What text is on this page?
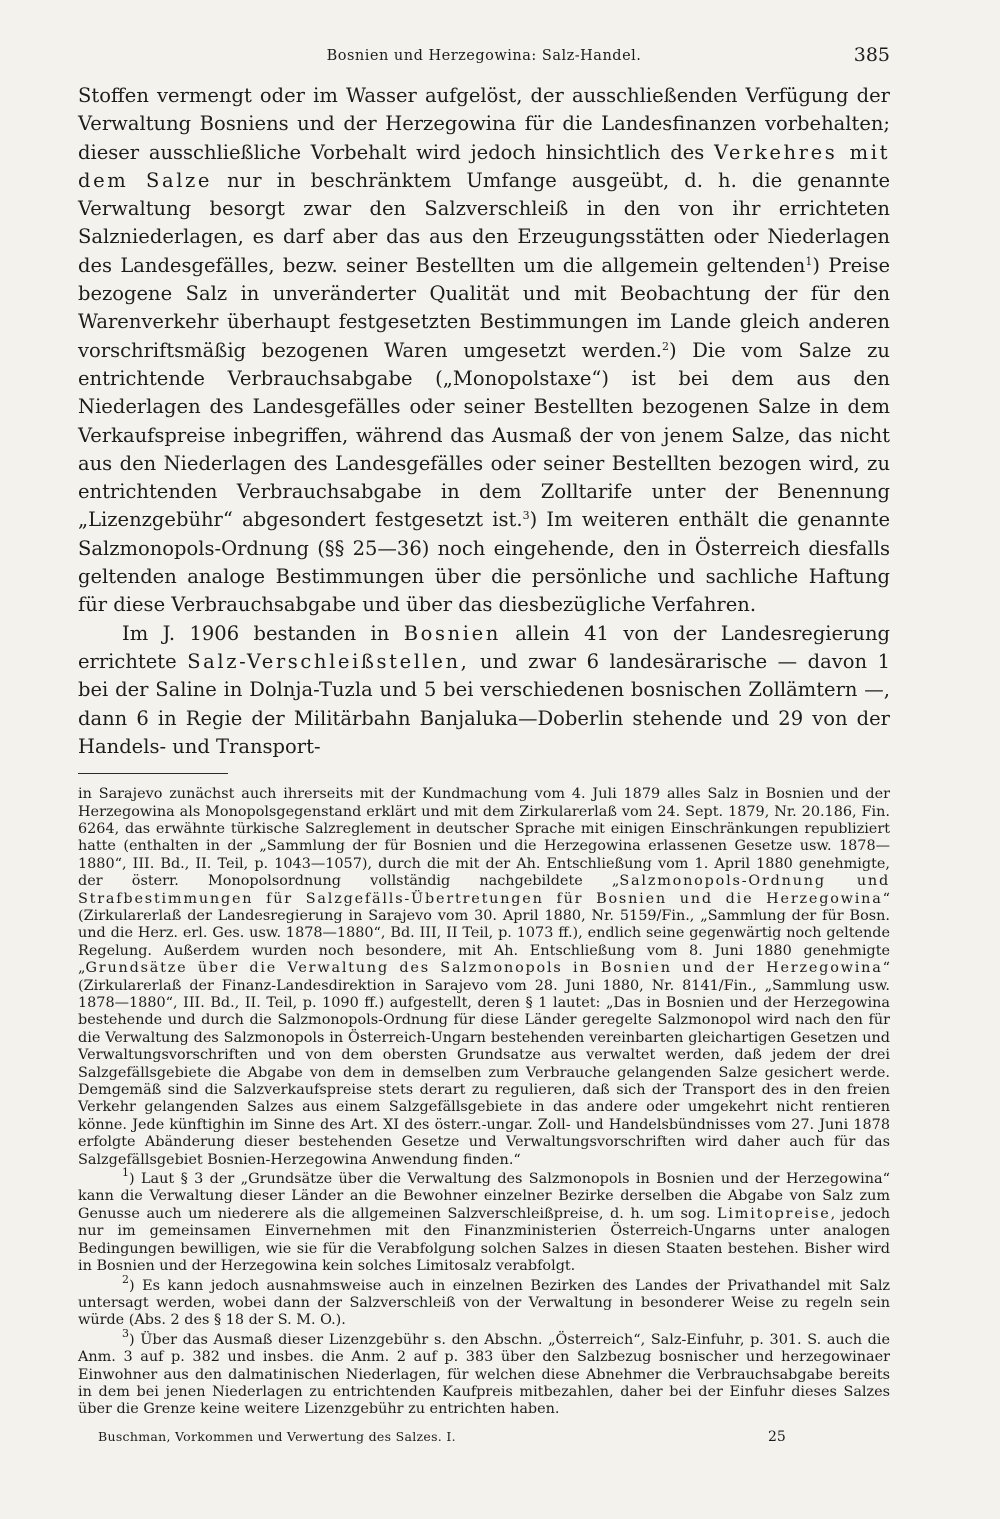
Bosnien und Herzegowina: Salz-Handel.	385

Stoffen vermengt oder im Wasser aufgelöst, der ausschließenden Verfügung der Verwaltung Bosniens und der Herzegowina für die Landesfinanzen vorbehalten; dieser ausschließliche Vorbehalt wird jedoch hinsichtlich des Verkehres mit dem Salze nur in beschränktem Umfange ausgeübt, d. h. die genannte Verwaltung besorgt zwar den Salzverschleiß in den von ihr errichteten Salzniederlagen, es darf aber das aus den Erzeugungsstätten oder Niederlagen des Landesgefälles, bezw. seiner Bestellten um die allgemein geltenden$^1$) Preise bezogene Salz in unveränderter Qualität und mit Beobachtung der für den Warenverkehr überhaupt festgesetzten Bestimmungen im Lande gleich anderen vorschriftsmäßig bezogenen Waren umgesetzt werden.$^2$) Die vom Salze zu entrichtende Verbrauchsabgabe („Monopolstaxe“) ist bei dem aus den Niederlagen des Landesgefälles oder seiner Bestellten bezogenen Salze in dem Verkaufspreise inbegriffen, während das Ausmaß der von jenem Salze, das nicht aus den Niederlagen des Landesgefälles oder seiner Bestellten bezogen wird, zu entrichtenden Verbrauchsabgabe in dem Zolltarife unter der Benennung „Lizenzgebühr“ abgesondert festgesetzt ist.$^3$) Im weiteren enthält die genannte Salzmonopols-Ordnung (§§ 25—36) noch eingehende, den in Österreich diesfalls geltenden analoge Bestimmungen über die persönliche und sachliche Haftung für diese Verbrauchsabgabe und über das diesbezügliche Verfahren.

Im J. 1906 bestanden in Bosnien allein 41 von der Landesregierung errichtete Salz-Verschleißstellen, und zwar 6 landesärarische — davon 1 bei der Saline in Dolnja-Tuzla und 5 bei verschiedenen bosnischen Zollämtern —, dann 6 in Regie der Militärbahn Banjaluka—Doberlin stehende und 29 von der Handels- und Transport-

in Sarajevo zunächst auch ihrerseits mit der Kundmachung vom 4. Juli 1879 alles Salz in Bosnien und der Herzegowina als Monopolsgegenstand erklärt und mit dem Zirkularerlaß vom 24. Sept. 1879, Nr. 20.186, Fin. 6264, das erwähnte türkische Salzreglement in deutscher Sprache mit einigen Einschränkungen republiziert hatte (enthalten in der „Sammlung der für Bosnien und die Herzegowina erlassenen Gesetze usw. 1878—1880“, III. Bd., II. Teil, p. 1043—1057), durch die mit der Ah. Entschließung vom 1. April 1880 genehmigte, der österr. Monopolsordnung vollständig nachgebildete „Salzmonopols-Ordnung und Strafbestimmungen für Salzgefälls-Übertretungen für Bosnien und die Herzegowina“ (Zirkularerlaß der Landesregierung in Sarajevo vom 30. April 1880, Nr. 5159/Fin., „Sammlung der für Bosn. und die Herz. erl. Ges. usw. 1878—1880“, Bd. III, II Teil, p. 1073 ff.), endlich seine gegenwärtig noch geltende Regelung. Außerdem wurden noch besondere, mit Ah. Entschließung vom 8. Juni 1880 genehmigte „Grundsätze über die Verwaltung des Salzmonopols in Bosnien und der Herzegowina“ (Zirkularerlaß der Finanz-Landesdirektion in Sarajevo vom 28. Juni 1880, Nr. 8141/Fin., „Sammlung usw. 1878—1880“, III. Bd., II. Teil, p. 1090 ff.) aufgestellt, deren § 1 lautet: „Das in Bosnien und der Herzegowina bestehende und durch die Salzmonopols-Ordnung für diese Länder geregelte Salzmonopol wird nach den für die Verwaltung des Salzmonopols in Österreich-Ungarn bestehenden vereinbarten gleichartigen Gesetzen und Verwaltungsvorschriften und von dem obersten Grundsatze aus verwaltet werden, daß jedem der drei Salzgefällsgebiete die Abgabe von dem in demselben zum Verbrauche gelangenden Salze gesichert werde. Demgemäß sind die Salzverkaufspreise stets derart zu regulieren, daß sich der Transport des in den freien Verkehr gelangenden Salzes aus einem Salzgefällsgebiete in das andere oder umgekehrt nicht rentieren könne. Jede künftighin im Sinne des Art. XI des österr.-ungar. Zoll- und Handelsbündnisses vom 27. Juni 1878 erfolgte Abänderung dieser bestehenden Gesetze und Verwaltungsvorschriften wird daher auch für das Salzgefällsgebiet Bosnien-Herzegowina Anwendung finden.“

$^1$) Laut § 3 der „Grundsätze über die Verwaltung des Salzmonopols in Bosnien und der Herzegowina“ kann die Verwaltung dieser Länder an die Bewohner einzelner Bezirke derselben die Abgabe von Salz zum Genusse auch um niederere als die allgemeinen Salzverschleißpreise, d. h. um sog. Limitopreise, jedoch nur im gemeinsamen Einvernehmen mit den Finanzministerien Österreich-Ungarns unter analogen Bedingungen bewilligen, wie sie für die Verabfolgung solchen Salzes in diesen Staaten bestehen. Bisher wird in Bosnien und der Herzegowina kein solches Limitosalz verabfolgt.

$^2$) Es kann jedoch ausnahmsweise auch in einzelnen Bezirken des Landes der Privathandel mit Salz untersagt werden, wobei dann der Salzverschleiß von der Verwaltung in besonderer Weise zu regeln sein würde (Abs. 2 des § 18 der S. M. O.).

$^3$) Über das Ausmaß dieser Lizenzgebühr s. den Abschn. „Österreich“, Salz-Einfuhr, p. 301. S. auch die Anm. 3 auf p. 382 und insbes. die Anm. 2 auf p. 383 über den Salzbezug bosnischer und herzegowinaer Einwohner aus den dalmatinischen Niederlagen, für welchen diese Abnehmer die Verbrauchsabgabe bereits in dem bei jenen Niederlagen zu entrichtenden Kaufpreis mitbezahlen, daher bei der Einfuhr dieses Salzes über die Grenze keine weitere Lizenzgebühr zu entrichten haben.

Buschman, Vorkommen und Verwertung des Salzes. I.	25
